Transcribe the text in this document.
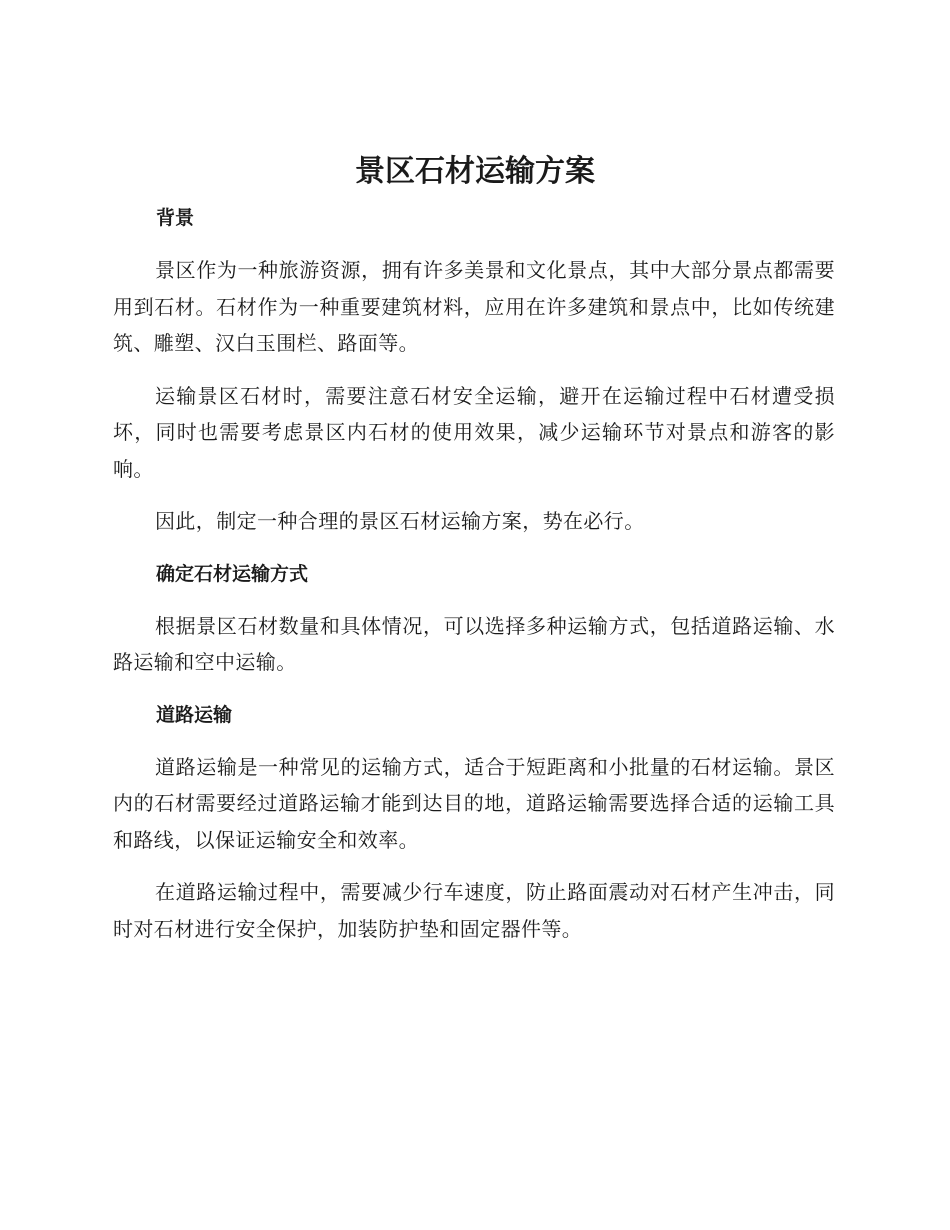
景区石材运输方案
背景

景区作为一种旅游资源，拥有许多美景和文化景点，其中大部分景点都需要用到石材。石材作为一种重要建筑材料，应用在许多建筑和景点中，比如传统建筑、雕塑、汉白玉围栏、路面等。

运输景区石材时，需要注意石材安全运输，避开在运输过程中石材遭受损坏，同时也需要考虑景区内石材的使用效果，减少运输环节对景点和游客的影响。

因此，制定一种合理的景区石材运输方案，势在必行。

确定石材运输方式

根据景区石材数量和具体情况，可以选择多种运输方式，包括道路运输、水路运输和空中运输。

道路运输

道路运输是一种常见的运输方式，适合于短距离和小批量的石材运输。景区内的石材需要经过道路运输才能到达目的地，道路运输需要选择合适的运输工具和路线，以保证运输安全和效率。

在道路运输过程中，需要减少行车速度，防止路面震动对石材产生冲击，同时对石材进行安全保护，加装防护垫和固定器件等。
